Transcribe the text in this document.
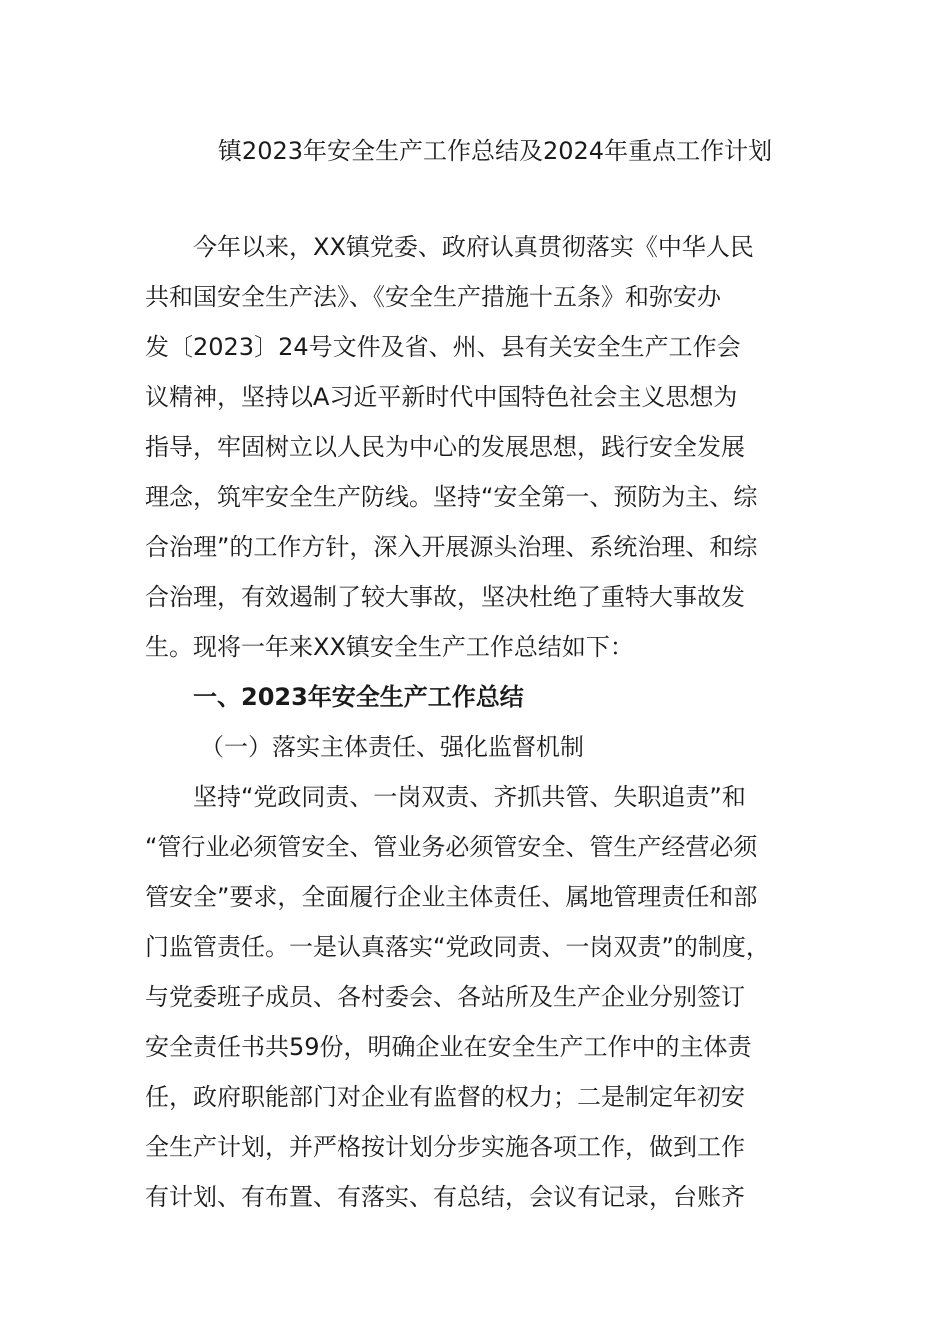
镇2023年安全生产工作总结及2024年重点工作计划
今年以来，XX镇党委、政府认真贯彻落实《中华人民
共和国安全生产法》、《安全生产措施十五条》和弥安办
发〔2023〕24号文件及省、州、县有关安全生产工作会
议精神，坚持以A习近平新时代中国特色社会主义思想为
指导，牢固树立以人民为中心的发展思想，践行安全发展
理念，筑牢安全生产防线。坚持“安全第一、预防为主、综
合治理”的工作方针，深入开展源头治理、系统治理、和综
合治理，有效遏制了较大事故，坚决杜绝了重特大事故发
生。现将一年来XX镇安全生产工作总结如下：
一、2023年安全生产工作总结
（一）落实主体责任、强化监督机制
坚持“党政同责、一岗双责、齐抓共管、失职追责”和
“管行业必须管安全、管业务必须管安全、管生产经营必须
管安全”要求，全面履行企业主体责任、属地管理责任和部
门监管责任。一是认真落实“党政同责、一岗双责”的制度，
与党委班子成员、各村委会、各站所及生产企业分别签订
安全责任书共59份，明确企业在安全生产工作中的主体责
任，政府职能部门对企业有监督的权力；二是制定年初安
全生产计划，并严格按计划分步实施各项工作，做到工作
有计划、有布置、有落实、有总结，会议有记录，台账齐
